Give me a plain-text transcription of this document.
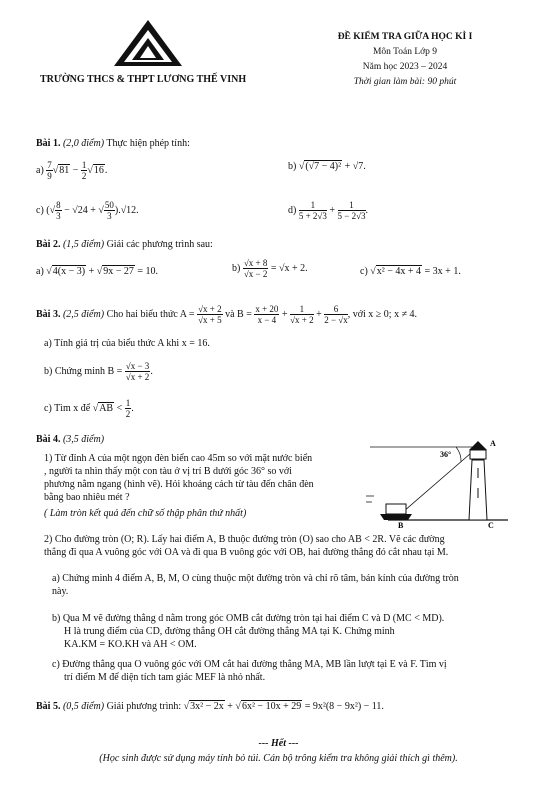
TRƯỜNG THCS & THPT LƯƠNG THẾ VINH
ĐỀ KIỂM TRA GIỮA HỌC KÌ I
Môn Toán Lớp 9
Năm học 2023 – 2024
Thời gian làm bài: 90 phút
Bài 1. (2,0 điểm) Thực hiện phép tính:
$a) \frac{7}{9} √81 - \frac{1}{2} √16$.	b) √(√7 − 4)² + √7.
c) (√ $\frac{8}{3} - √24$ + √ $\frac{50}{3} ).√12$.	$d) \frac{1}{5 + 2√3} + \frac{1}{5 - 2√3}$ .
Bài 2. (1,5 điểm) Giải các phương trình sau:
a) √4(x − 3) + √9x − 27 = 10.	$b) \frac{√x + 8}{√x - 2} = √x + 2$.	c) √x² − 4x + 4 = 3x + 1.
Bài 3. (2,5 điểm) Cho hai biểu thức $A = \frac{√x + 2}{√x + 5}$ và $B = \frac{x + 20}{x - 4} + \frac{1}{√x + 2} + \frac{6}{2 - √x}$ , với x ≥ 0; x ≠ 4.
a) Tính giá trị của biểu thức A khi x = 16.
b) Chứng minh $B = \frac{√x - 3}{√x + 2}$ .
c) Tìm x để $√AB < \frac{1}{2}$ .
Bài 4. (3,5 điểm)
1) Từ đỉnh A của một ngọn đèn biển cao 45m so với mặt nước biển
, người ta nhìn thấy một con tàu ở vị trí B dưới góc 36° so với
phương nằm ngang (hình vẽ). Hỏi khoảng cách từ tàu đến chân đèn
bằng bao nhiêu mét ?
( Làm tròn kết quả đến chữ số thập phân thứ nhất)
36°
A
B	C
2) Cho đường tròn (O; R). Lấy hai điểm A, B thuộc đường tròn (O) sao cho AB < 2R. Vẽ các đường
thẳng đi qua A vuông góc với OA và đi qua B vuông góc với OB, hai đường thẳng đó cắt nhau tại M.
a) Chứng minh 4 điểm A, B, M, O cùng thuộc một đường tròn và chỉ rõ tâm, bán kính của đường tròn
này.
b) Qua M vẽ đường thẳng d nằm trong góc OMB cắt đường tròn tại hai điểm C và D (MC < MD).
H là trung điểm của CD, đường thẳng OH cắt đường thẳng MA tại K. Chứng minh
KA.KM = KO.KH và AH < OM.
c) Đường thẳng qua O vuông góc với OM cắt hai đường thẳng MA, MB lần lượt tại E và F. Tìm vị
trí điểm M để diện tích tam giác MEF là nhỏ nhất.
Bài 5. (0,5 điểm) Giải phương trình: √3x² − 2x + √6x² − 10x + 29 = 9x²(8 − 9x²) − 11.
--- Hết ---
(Học sinh được sử dụng máy tính bỏ túi. Cán bộ trông kiểm tra không giải thích gì thêm).
